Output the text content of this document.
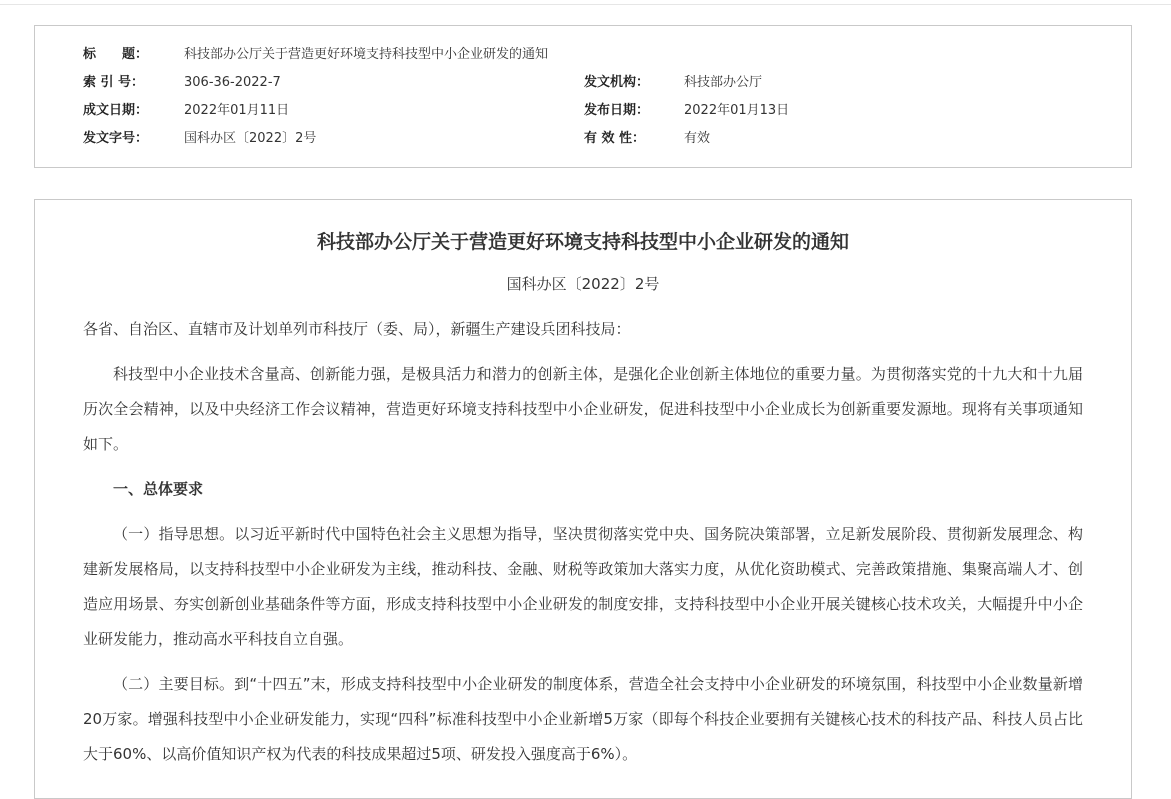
标　　题：	科技部办公厅关于营造更好环境支持科技型中小企业研发的通知
索 引 号：	306-36-2022-7	发文机构：	科技部办公厅
成文日期：	2022年01月11日	发布日期：	2022年01月13日
发文字号：	国科办区〔2022〕2号	有 效 性：	有效
科技部办公厅关于营造更好环境支持科技型中小企业研发的通知
国科办区〔2022〕2号

各省、自治区、直辖市及计划单列市科技厅（委、局），新疆生产建设兵团科技局：

科技型中小企业技术含量高、创新能力强，是极具活力和潜力的创新主体，是强化企业创新主体地位的重要力量。为贯彻落实党的十九大和十九届历次全会精神，以及中央经济工作会议精神，营造更好环境支持科技型中小企业研发，促进科技型中小企业成长为创新重要发源地。现将有关事项通知如下。

一、总体要求

（一）指导思想。以习近平新时代中国特色社会主义思想为指导，坚决贯彻落实党中央、国务院决策部署，立足新发展阶段、贯彻新发展理念、构建新发展格局，以支持科技型中小企业研发为主线，推动科技、金融、财税等政策加大落实力度，从优化资助模式、完善政策措施、集聚高端人才、创造应用场景、夯实创新创业基础条件等方面，形成支持科技型中小企业研发的制度安排，支持科技型中小企业开展关键核心技术攻关，大幅提升中小企业研发能力，推动高水平科技自立自强。

（二）主要目标。到“十四五”末，形成支持科技型中小企业研发的制度体系，营造全社会支持中小企业研发的环境氛围，科技型中小企业数量新增20万家。增强科技型中小企业研发能力，实现“四科”标准科技型中小企业新增5万家（即每个科技企业要拥有关键核心技术的科技产品、科技人员占比大于60%、以高价值知识产权为代表的科技成果超过5项、研发投入强度高于6%）。
